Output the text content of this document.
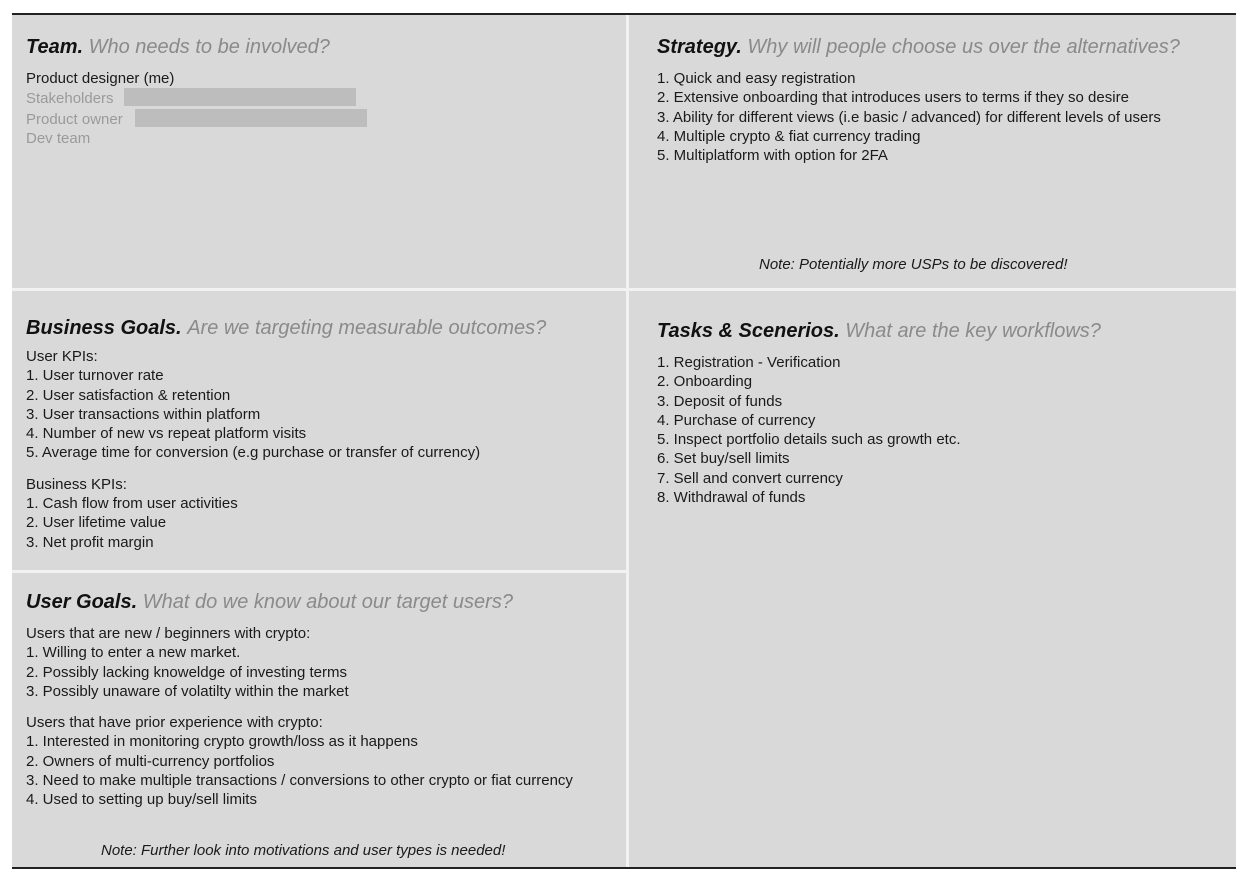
Team. Who needs to be involved?
Product designer (me)
Stakeholders
Product owner
Dev team
Strategy. Why will people choose us over the alternatives?
1. Quick and easy registration
2. Extensive onboarding that introduces users to terms if they so desire
3. Ability for different views (i.e basic / advanced) for different levels of users
4. Multiple crypto & fiat currency trading
5. Multiplatform with option for 2FA
Note: Potentially more USPs to be discovered!
Business Goals. Are we targeting measurable outcomes?
User KPIs:
1. User turnover rate
2. User satisfaction & retention
3. User transactions within platform
4. Number of new vs repeat platform visits
5. Average time for conversion (e.g purchase or transfer of currency)
Business KPIs:
1. Cash flow from user activities
2. User lifetime value
3. Net profit margin
Tasks & Scenerios. What are the key workflows?
1. Registration - Verification
2. Onboarding
3. Deposit of funds
4. Purchase of currency
5. Inspect portfolio details such as growth etc.
6. Set buy/sell limits
7. Sell and convert currency
8. Withdrawal of funds
User Goals. What do we know about our target users?
Users that are new / beginners with crypto:
1. Willing to enter a new market.
2. Possibly lacking knoweldge of investing terms
3. Possibly unaware of volatilty within the market
Users that have prior experience with crypto:
1. Interested in monitoring crypto growth/loss as it happens
2. Owners of multi-currency portfolios
3. Need to make multiple transactions / conversions to other crypto or fiat currency
4. Used to setting up buy/sell limits
Note: Further look into motivations and user types is needed!
